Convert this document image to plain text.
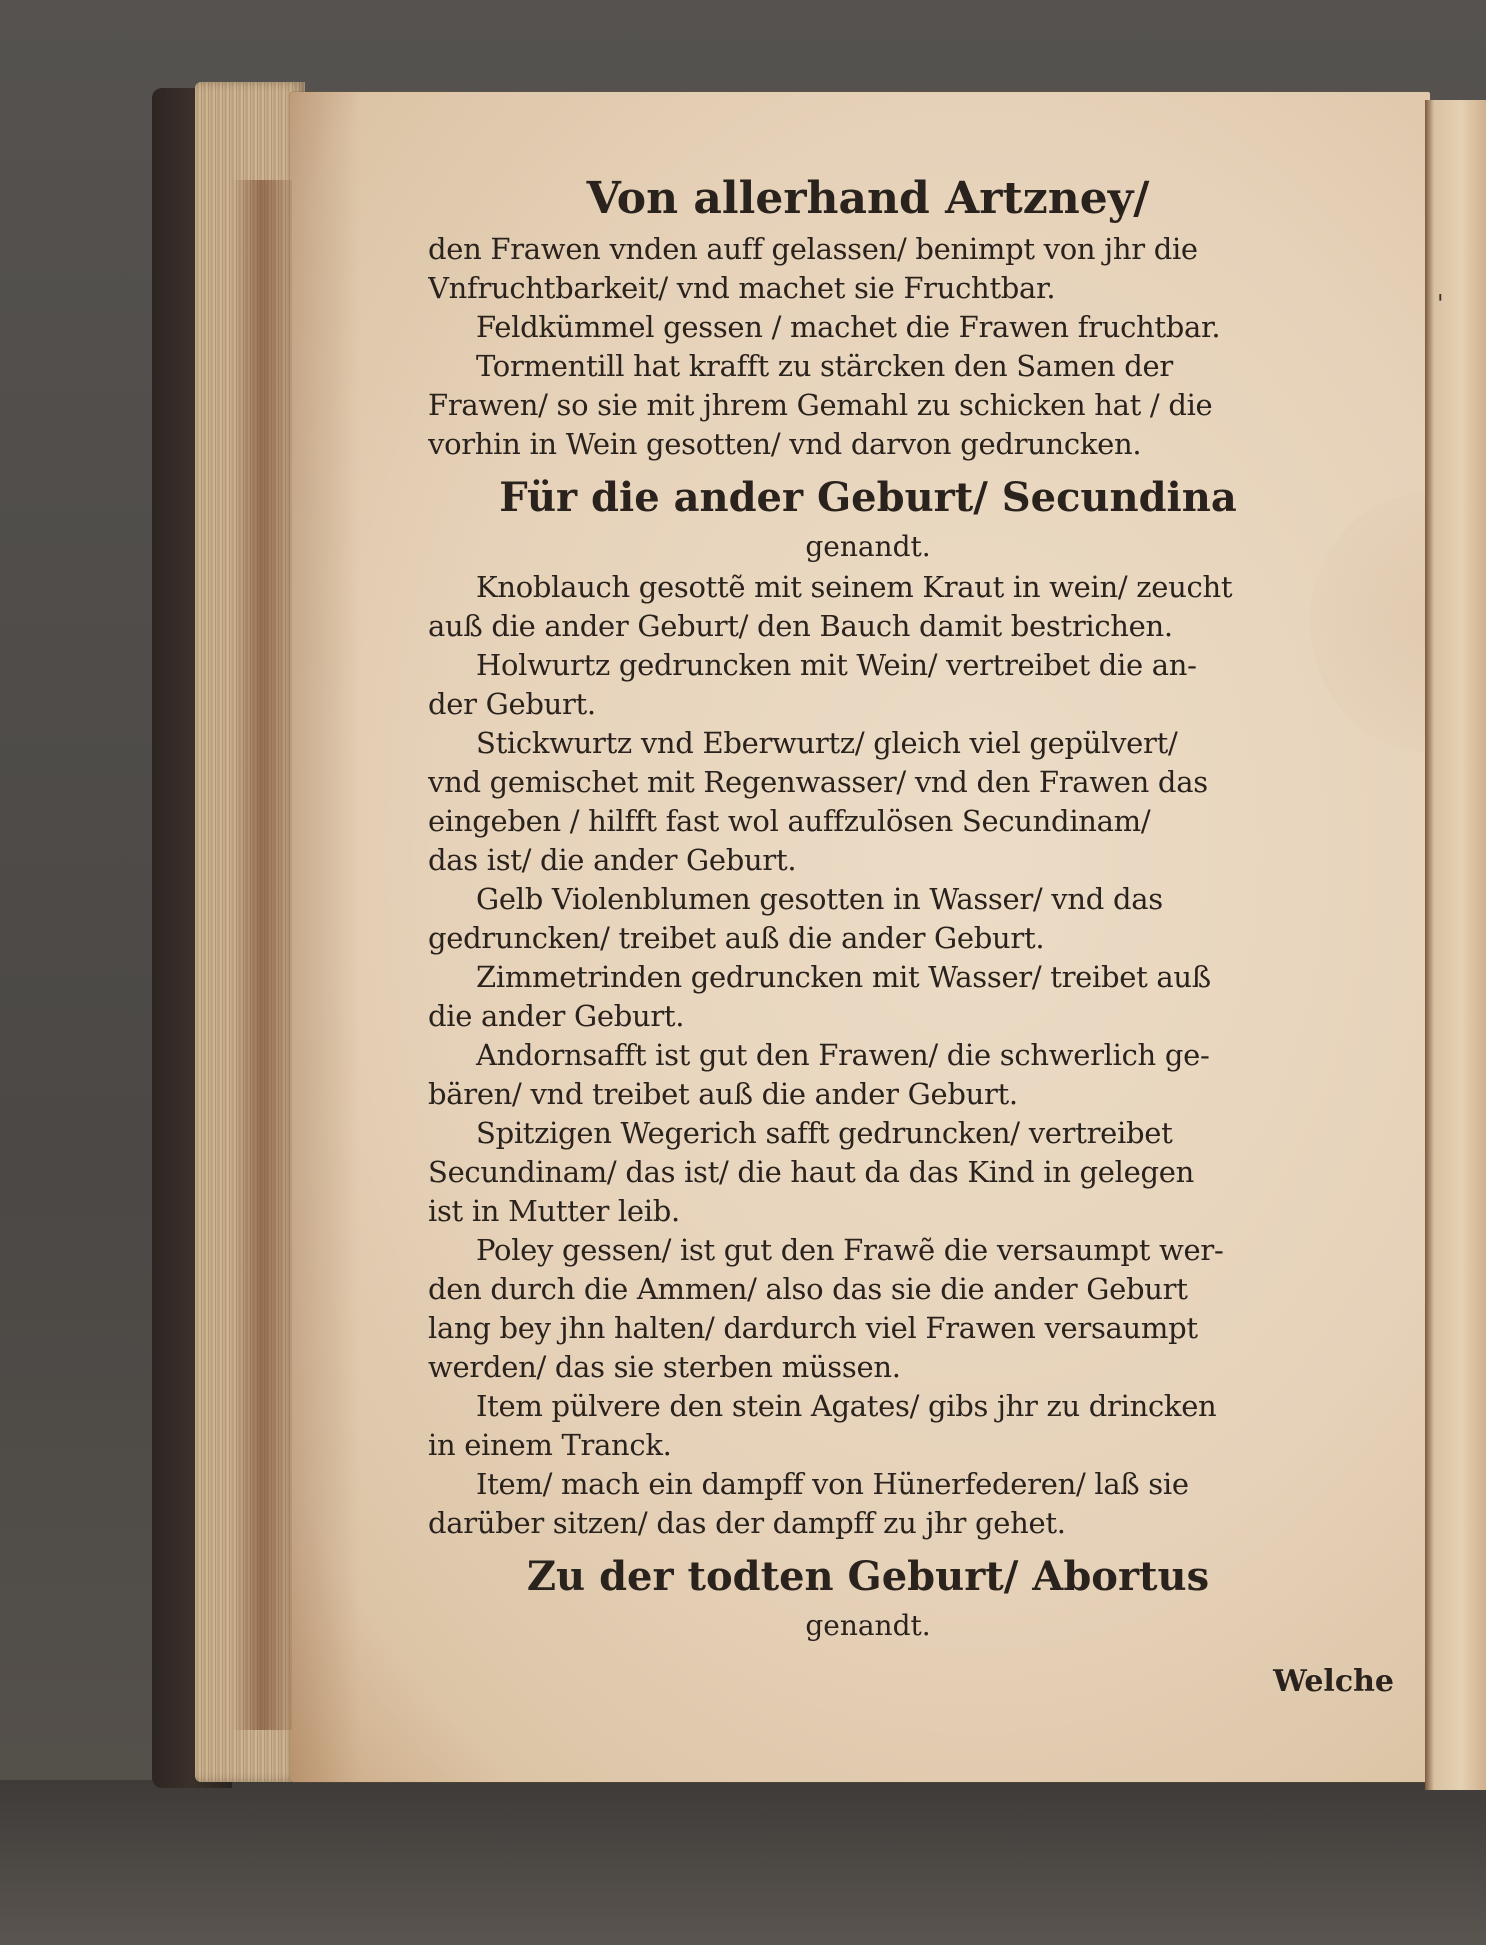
Welche
'
Von allerhand Artzney/
den Frawen vnden auff gelassen/ benimpt von jhr die
Vnfruchtbarkeit/ vnd machet sie Fruchtbar.
Feldkümmel gessen / machet die Frawen fruchtbar.
Tormentill hat krafft zu stärcken den Samen der
Frawen/ so sie mit jhrem Gemahl zu schicken hat / die
vorhin in Wein gesotten/ vnd darvon gedruncken.
Für die ander Geburt/ Secundina
genandt.
Knoblauch gesottẽ mit seinem Kraut in wein/ zeucht
auß die ander Geburt/ den Bauch damit bestrichen.
Holwurtz gedruncken mit Wein/ vertreibet die an-
der Geburt.
Stickwurtz vnd Eberwurtz/ gleich viel gepülvert/
vnd gemischet mit Regenwasser/ vnd den Frawen das
eingeben / hilfft fast wol auffzulösen Secundinam/
das ist/ die ander Geburt.
Gelb Violenblumen gesotten in Wasser/ vnd das
gedruncken/ treibet auß die ander Geburt.
Zimmetrinden gedruncken mit Wasser/ treibet auß
die ander Geburt.
Andornsafft ist gut den Frawen/ die schwerlich ge-
bären/ vnd treibet auß die ander Geburt.
Spitzigen Wegerich safft gedruncken/ vertreibet
Secundinam/ das ist/ die haut da das Kind in gelegen
ist in Mutter leib.
Poley gessen/ ist gut den Frawẽ die versaumpt wer-
den durch die Ammen/ also das sie die ander Geburt
lang bey jhn halten/ dardurch viel Frawen versaumpt
werden/ das sie sterben müssen.
Item pülvere den stein Agates/ gibs jhr zu drincken
in einem Tranck.
Item/ mach ein dampff von Hünerfederen/ laß sie
darüber sitzen/ das der dampff zu jhr gehet.
Zu der todten Geburt/ Abortus
genandt.
